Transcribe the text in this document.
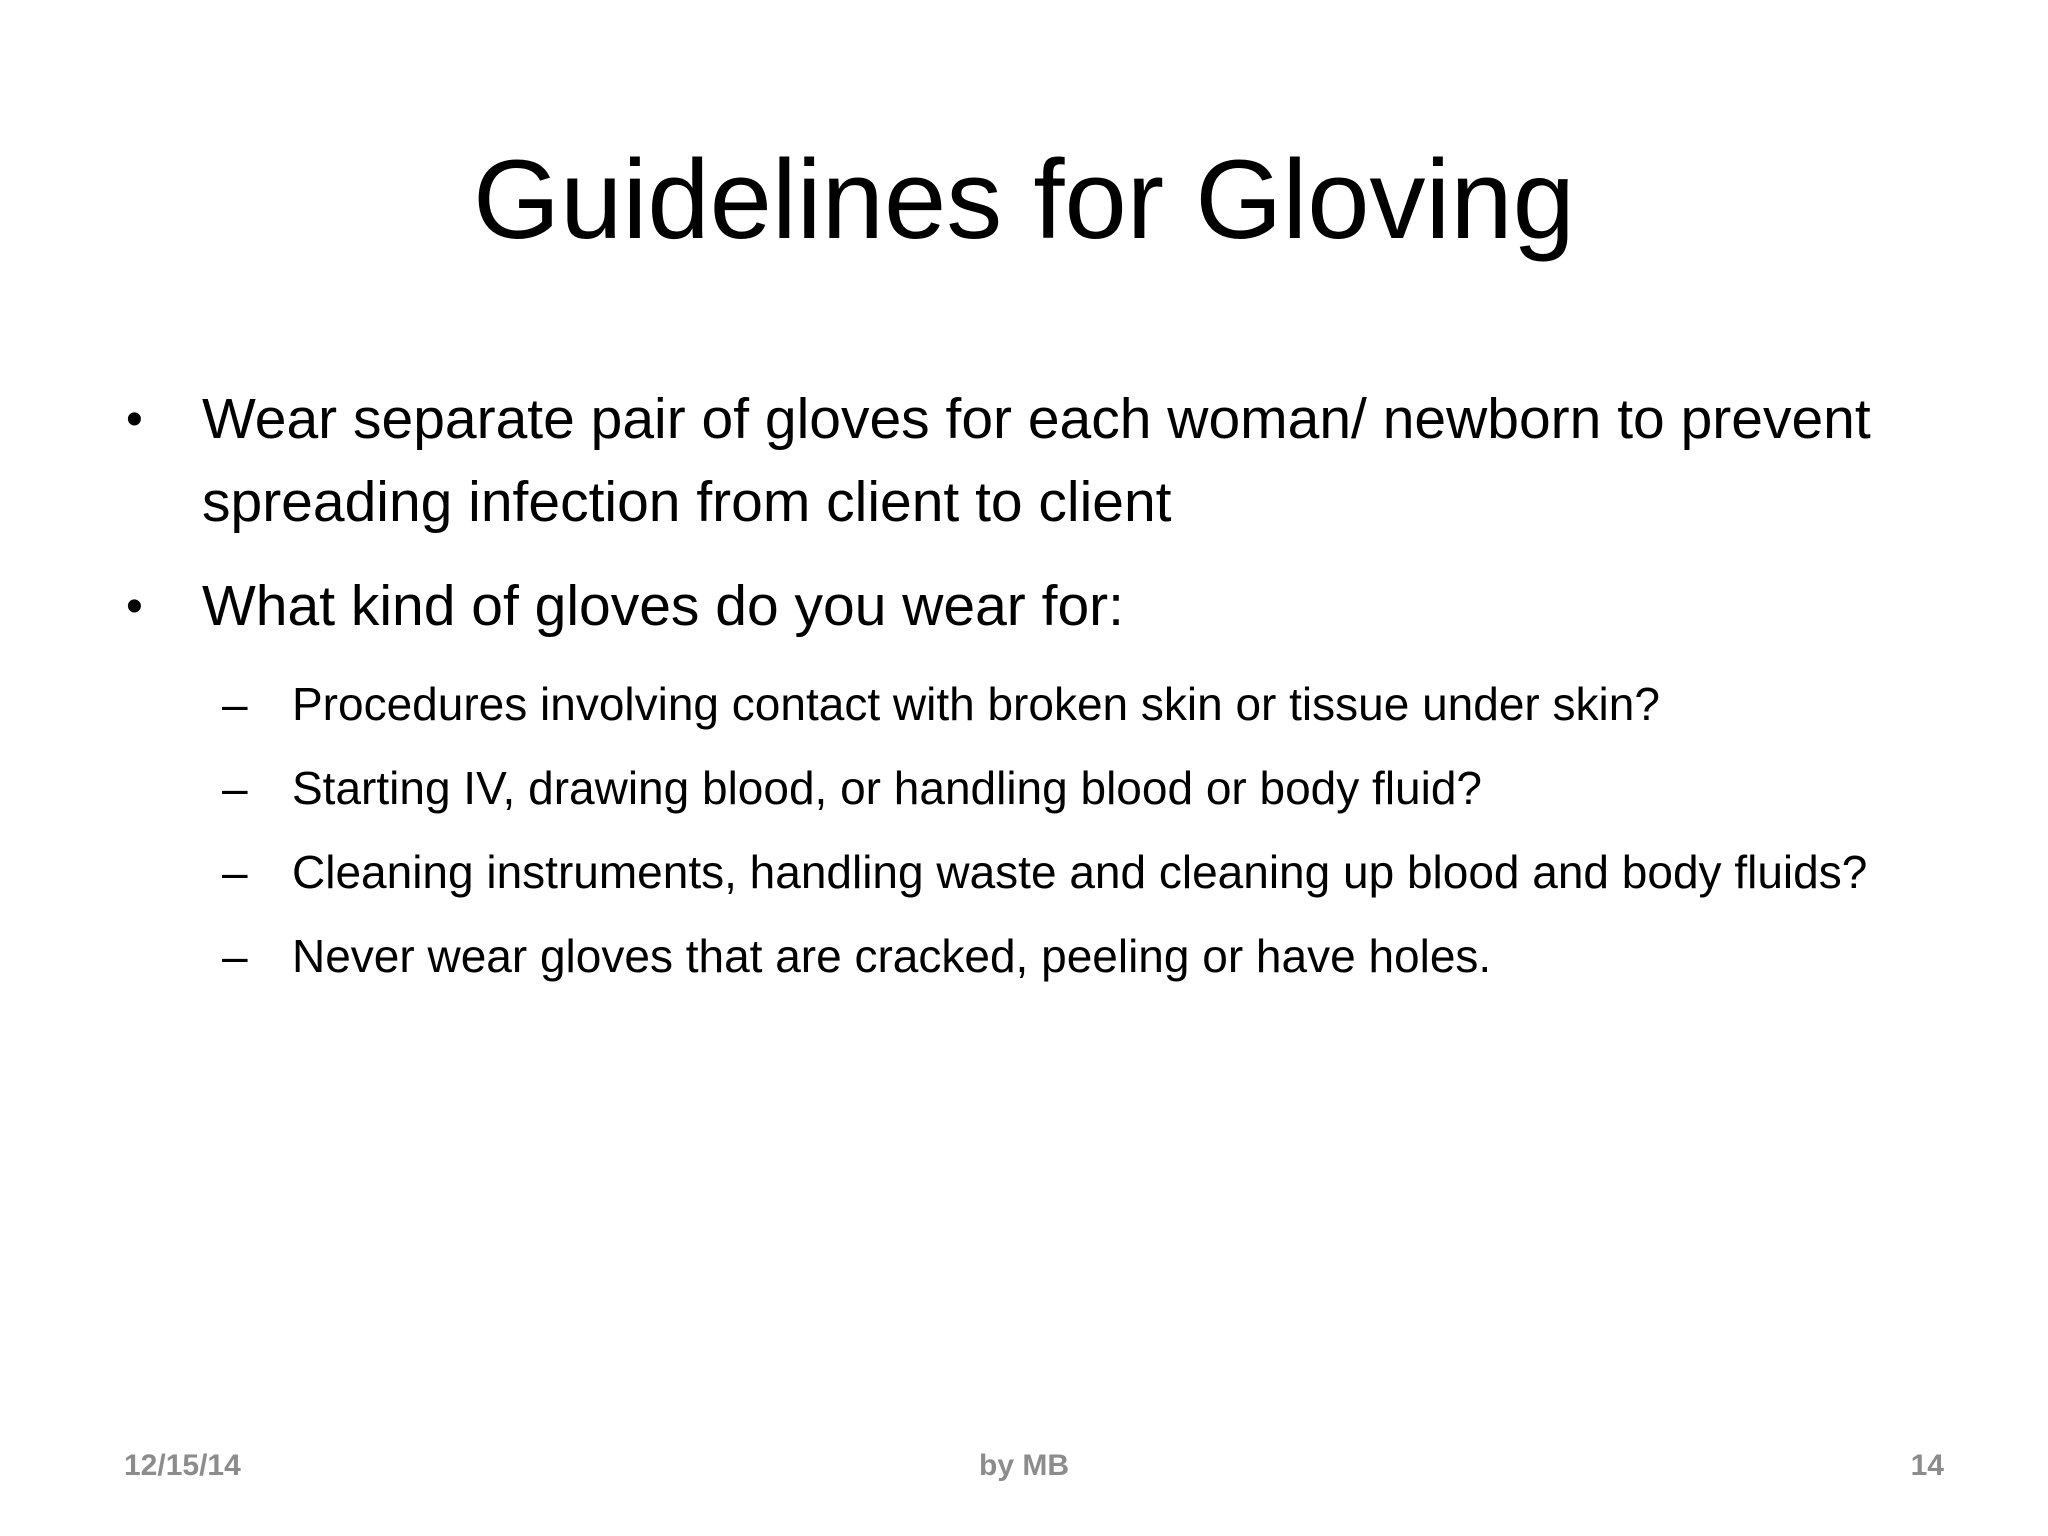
Guidelines for Gloving
• Wear separate pair of gloves for each woman/ newborn to prevent spreading infection from client to client
• What kind of gloves do you wear for:
– Procedures involving contact with broken skin or tissue under skin?
– Starting IV, drawing blood, or handling blood or body fluid?
– Cleaning instruments, handling waste and cleaning up blood and body fluids?
– Never wear gloves that are cracked, peeling or have holes.
12/15/14	by MB	14
